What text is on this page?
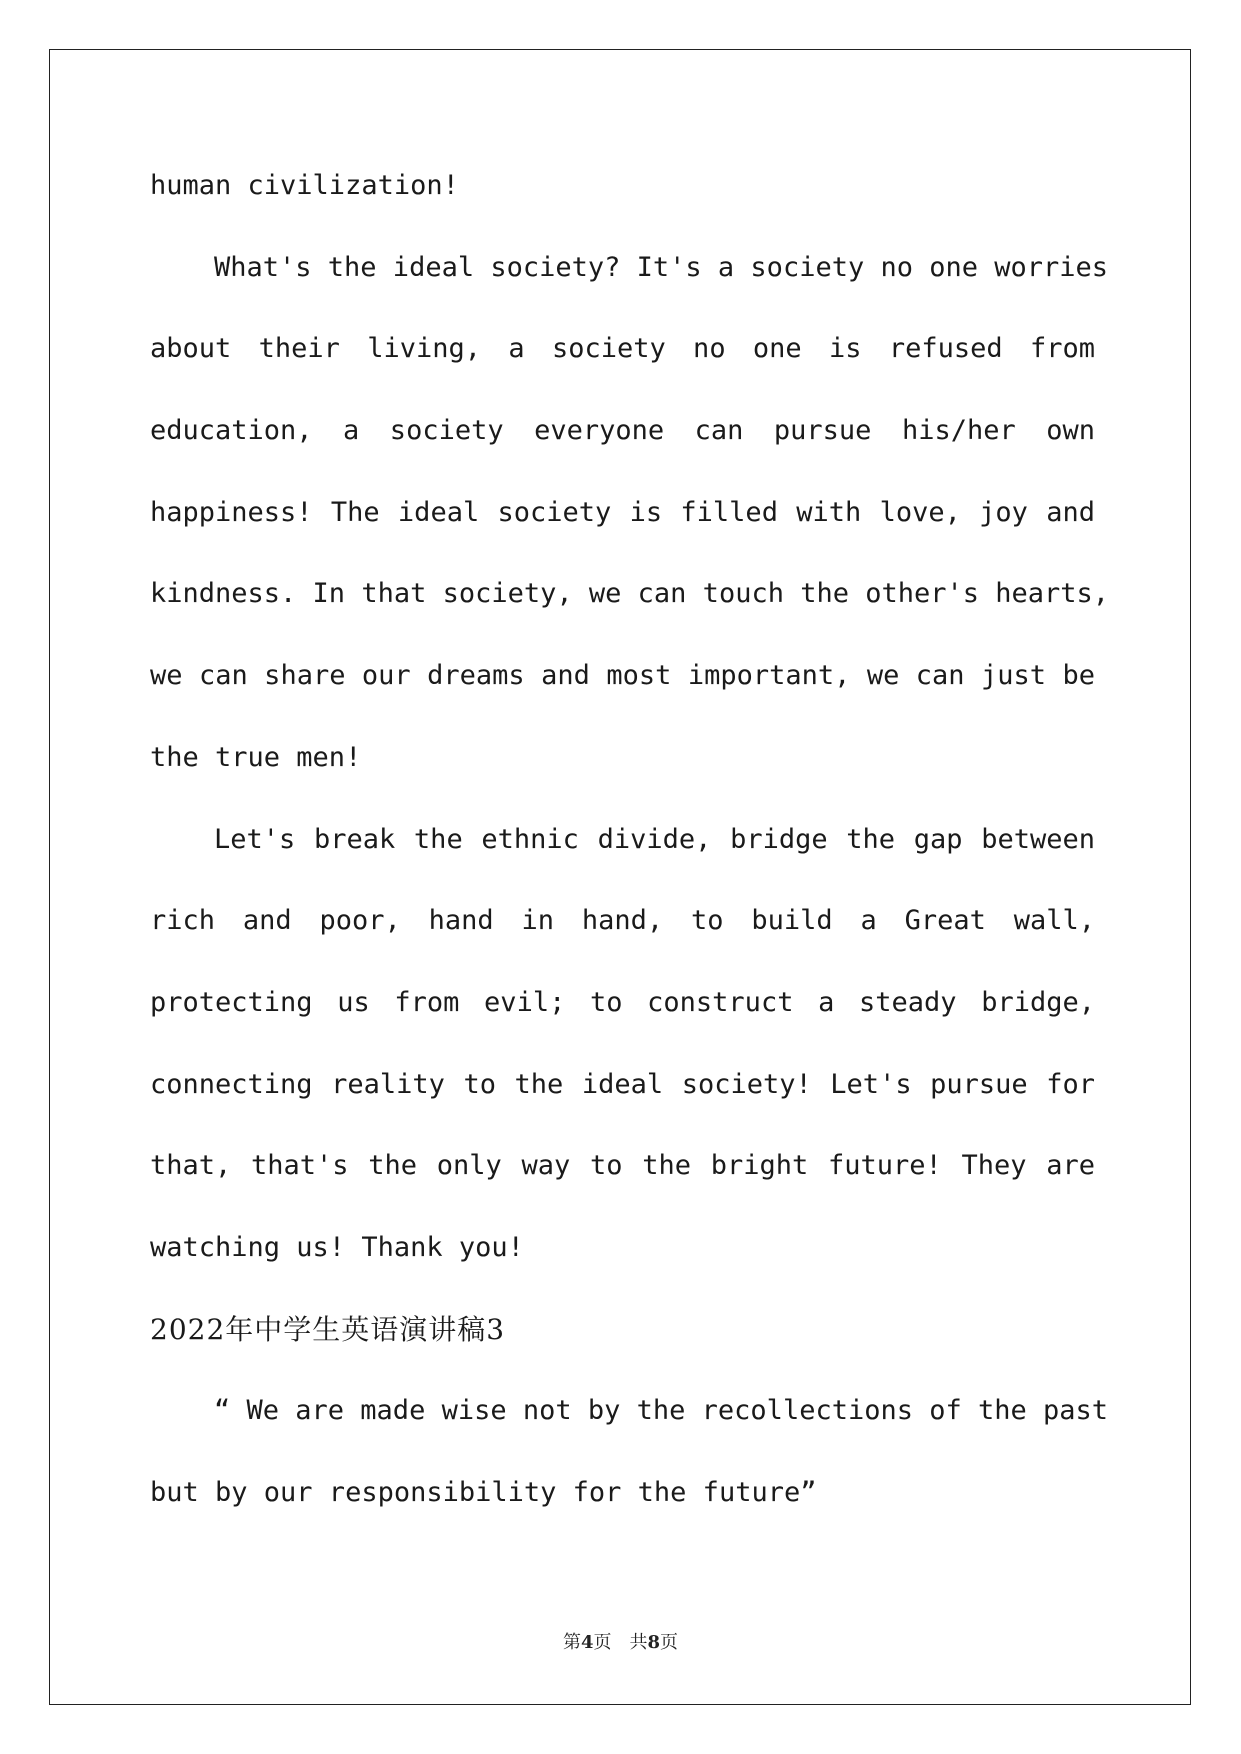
human civilization!
What's the ideal society? It's a society no one worries
about their living, a society no one is refused from
education, a society everyone can pursue his/her own
happiness! The ideal society is filled with love, joy and
kindness. In that society, we can touch the other's hearts,
we can share our dreams and most important, we can just be
the true men!
Let's break the ethnic divide, bridge the gap between
rich and poor, hand in hand, to build a Great wall,
protecting us from evil; to construct a steady bridge,
connecting reality to the ideal society! Let's pursue for
that, that's the only way to the bright future! They are
watching us! Thank you!
2022年中学生英语演讲稿3
“ We are made wise not by the recollections of the past
but by our responsibility for the future”
第4页 共8页
